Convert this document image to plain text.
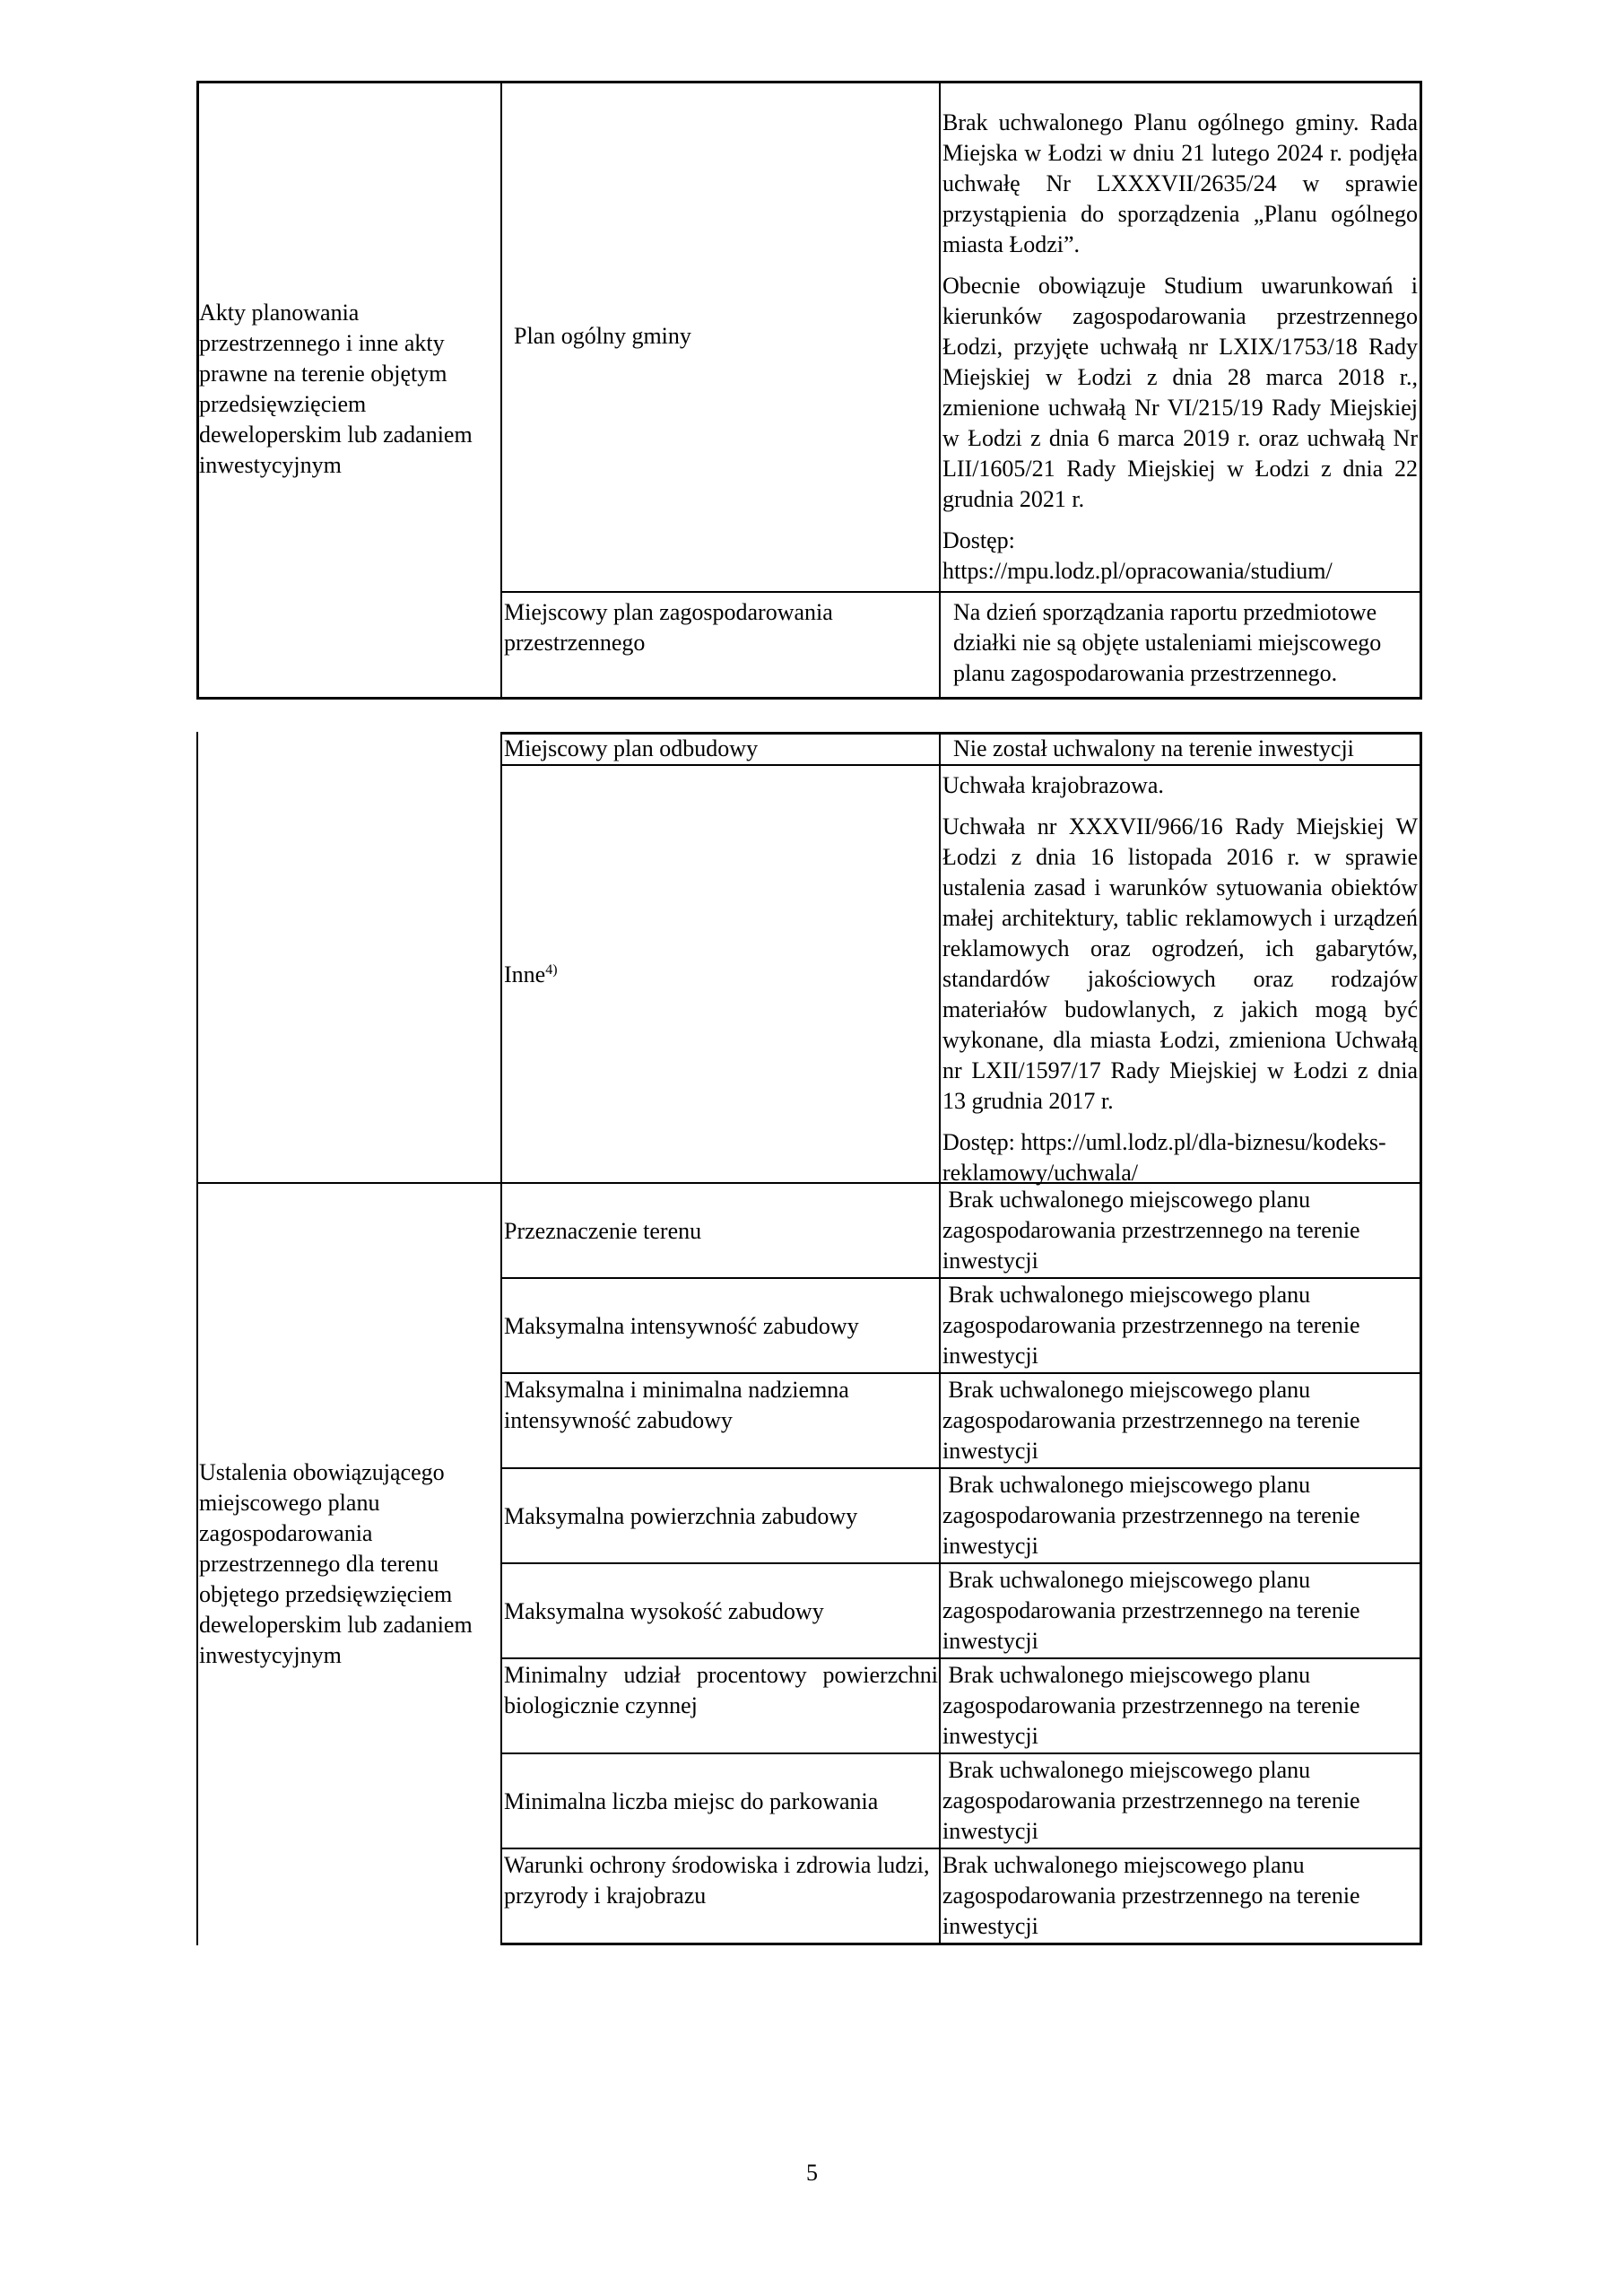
Akty planowania przestrzennego i inne akty prawne na terenie objętym przedsięwzięciem deweloperskim lub zadaniem inwestycyjnym
Plan ogólny gminy

Brak uchwalonego Planu ogólnego gminy. Rada Miejska w Łodzi w dniu 21 lutego 2024 r. podjęła uchwałę Nr LXXXVII/2635/24 w sprawie przystąpienia do sporządzenia „Planu ogólnego miasta Łodzi”.

Obecnie obowiązuje Studium uwarunkowań i kierunków zagospodarowania przestrzennego Łodzi, przyjęte uchwałą nr LXIX/1753/18 Rady Miejskiej w Łodzi z dnia 28 marca 2018 r., zmienione uchwałą Nr VI/215/19 Rady Miejskiej w Łodzi z dnia 6 marca 2019 r. oraz uchwałą Nr LII/1605/21 Rady Miejskiej w Łodzi z dnia 22 grudnia 2021 r.

Dostęp: https://mpu.lodz.pl/opracowania/studium/

Miejscowy plan zagospodarowania przestrzennego
Na dzień sporządzania raportu przedmiotowe działki nie są objęte ustaleniami miejscowego planu zagospodarowania przestrzennego.
Miejscowy plan odbudowy	Nie został uchwalony na terenie inwestycji
Inne$^{4)}$

Uchwała krajobrazowa.

Uchwała nr XXXVII/966/16 Rady Miejskiej W Łodzi z dnia 16 listopada 2016 r. w sprawie ustalenia zasad i warunków sytuowania obiektów małej architektury, tablic reklamowych i urządzeń reklamowych oraz ogrodzeń, ich gabarytów, standardów jakościowych oraz rodzajów materiałów budowlanych, z jakich mogą być wykonane, dla miasta Łodzi, zmieniona Uchwałą nr LXII/1597/17 Rady Miejskiej w Łodzi z dnia 13 grudnia 2017 r.

Dostęp: https://uml.lodz.pl/dla-biznesu/kodeks-reklamowy/uchwala/

Ustalenia obowiązującego miejscowego planu zagospodarowania przestrzennego dla terenu objętego przedsięwzięciem deweloperskim lub zadaniem inwestycyjnym
Przeznaczenie terenu
Brak uchwalonego miejscowego planu zagospodarowania przestrzennego na terenie inwestycji
Maksymalna intensywność zabudowy
Brak uchwalonego miejscowego planu zagospodarowania przestrzennego na terenie inwestycji
Maksymalna i minimalna nadziemna intensywność zabudowy
Brak uchwalonego miejscowego planu zagospodarowania przestrzennego na terenie inwestycji
Maksymalna powierzchnia zabudowy
Brak uchwalonego miejscowego planu zagospodarowania przestrzennego na terenie inwestycji
Maksymalna wysokość zabudowy
Brak uchwalonego miejscowego planu zagospodarowania przestrzennego na terenie inwestycji
Minimalny udział procentowy powierzchni biologicznie czynnej
Brak uchwalonego miejscowego planu zagospodarowania przestrzennego na terenie inwestycji
Minimalna liczba miejsc do parkowania
Brak uchwalonego miejscowego planu zagospodarowania przestrzennego na terenie inwestycji
Warunki ochrony środowiska i zdrowia ludzi, przyrody i krajobrazu
Brak uchwalonego miejscowego planu zagospodarowania przestrzennego na terenie inwestycji
5
